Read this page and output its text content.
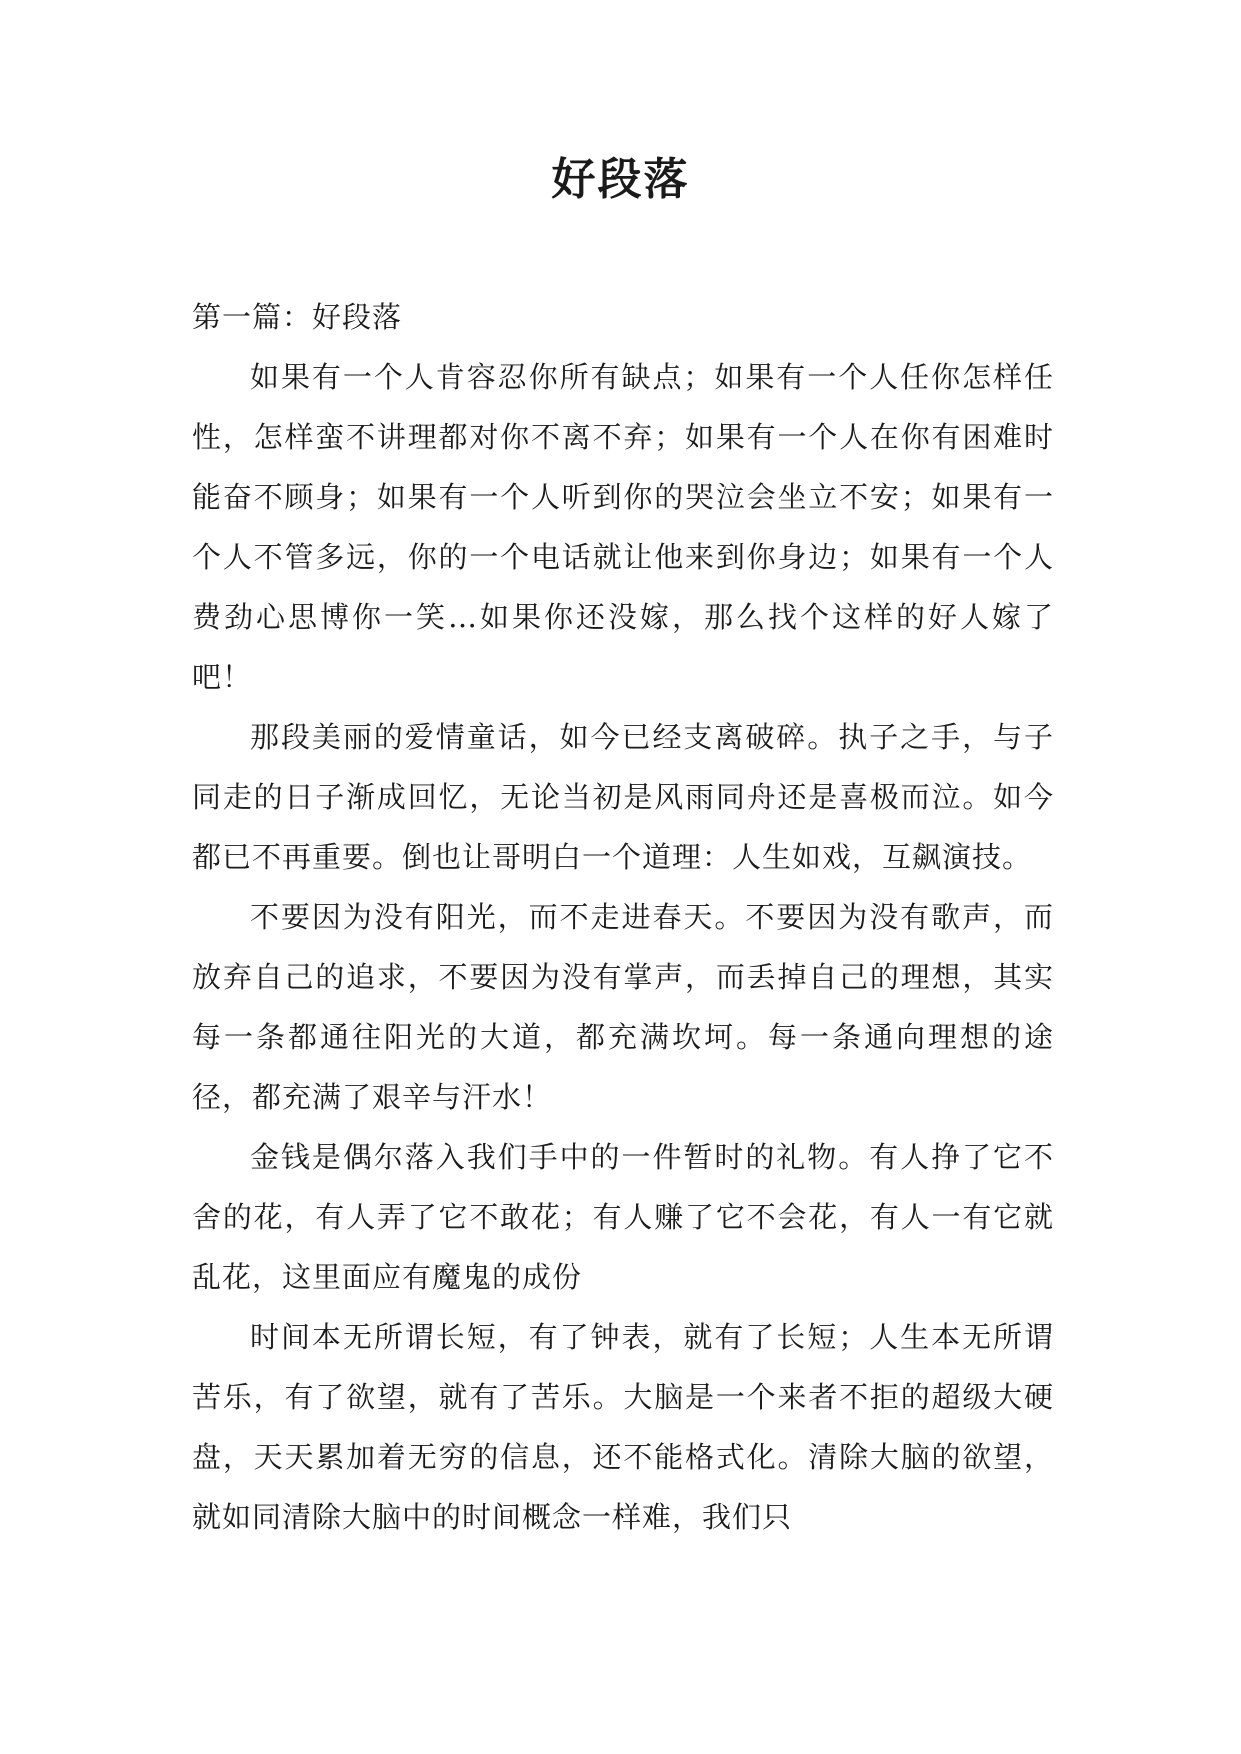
好段落

第一篇：好段落

如果有一个人肯容忍你所有缺点；如果有一个人任你怎样任性，怎样蛮不讲理都对你不离不弃；如果有一个人在你有困难时能奋不顾身；如果有一个人听到你的哭泣会坐立不安；如果有一个人不管多远，你的一个电话就让他来到你身边；如果有一个人费劲心思博你一笑…如果你还没嫁，那么找个这样的好人嫁了吧！

那段美丽的爱情童话，如今已经支离破碎。执子之手，与子同走的日子渐成回忆，无论当初是风雨同舟还是喜极而泣。如今都已不再重要。倒也让哥明白一个道理：人生如戏，互飙演技。

不要因为没有阳光，而不走进春天。不要因为没有歌声，而放弃自己的追求，不要因为没有掌声，而丢掉自己的理想，其实每一条都通往阳光的大道，都充满坎坷。每一条通向理想的途径，都充满了艰辛与汗水！

金钱是偶尔落入我们手中的一件暂时的礼物。有人挣了它不舍的花，有人弄了它不敢花；有人赚了它不会花，有人一有它就乱花，这里面应有魔鬼的成份

时间本无所谓长短，有了钟表，就有了长短；人生本无所谓苦乐，有了欲望，就有了苦乐。大脑是一个来者不拒的超级大硬盘，天天累加着无穷的信息，还不能格式化。清除大脑的欲望，就如同清除大脑中的时间概念一样难，我们只
